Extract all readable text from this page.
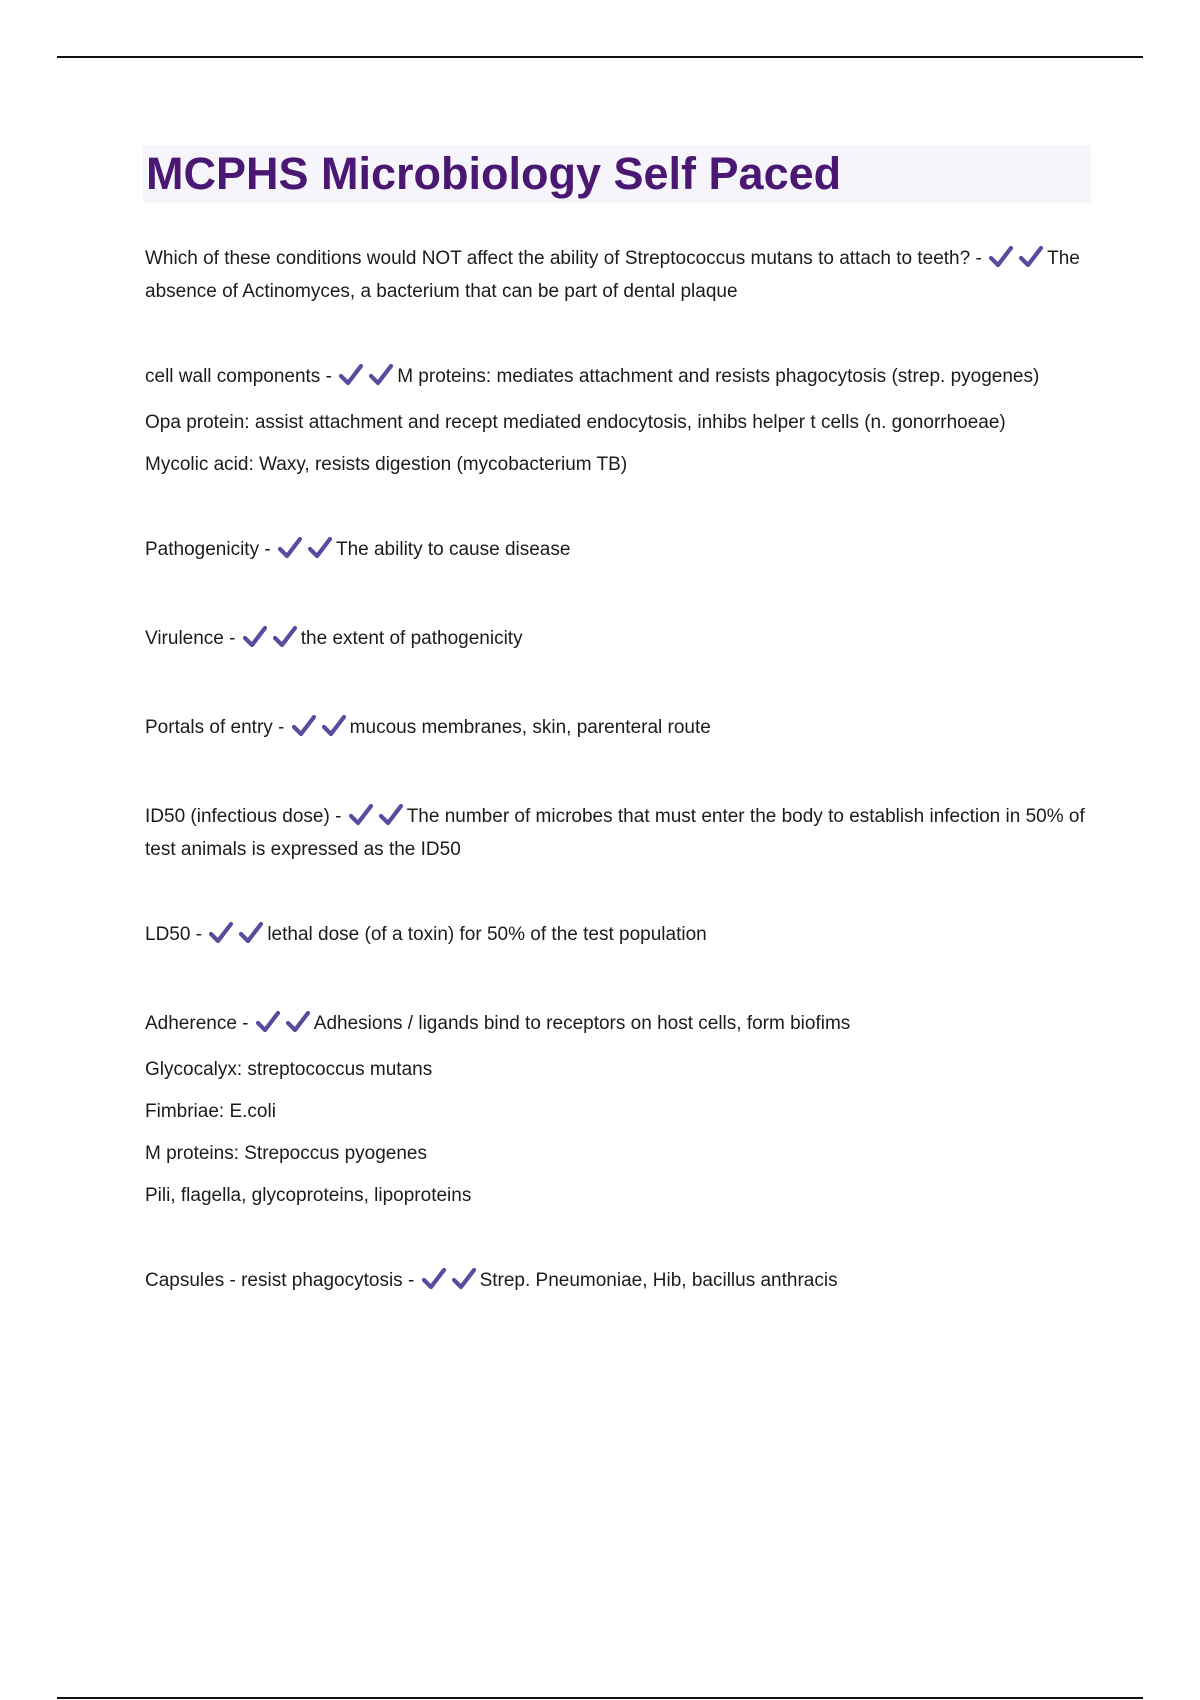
MCPHS Microbiology Self Paced

Which of these conditions would NOT affect the ability of Streptococcus mutans to attach to teeth? -	The absence of Actinomyces, a bacterium that can be part of dental plaque

cell wall components -	M proteins: mediates attachment and resists phagocytosis (strep. pyogenes)

Opa protein: assist attachment and recept mediated endocytosis, inhibs helper t cells (n. gonorrhoeae)

Mycolic acid: Waxy, resists digestion (mycobacterium TB)

Pathogenicity -	The ability to cause disease

Virulence -	the extent of pathogenicity

Portals of entry -	mucous membranes, skin, parenteral route

ID50 (infectious dose) -	The number of microbes that must enter the body to establish infection in 50% of test animals is expressed as the ID50

LD50 -	lethal dose (of a toxin) for 50% of the test population

Adherence -	Adhesions / ligands bind to receptors on host cells, form biofims

Glycocalyx: streptococcus mutans

Fimbriae: E.coli

M proteins: Strepoccus pyogenes

Pili, flagella, glycoproteins, lipoproteins

Capsules - resist phagocytosis -	Strep. Pneumoniae, Hib, bacillus anthracis
